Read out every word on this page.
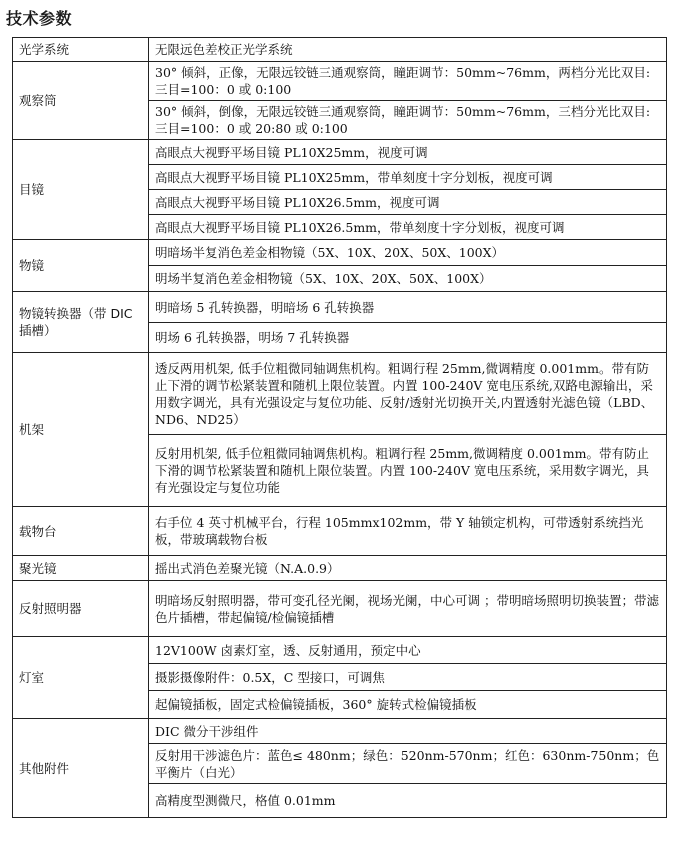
技术参数
光学系统	无限远色差校正光学系统
观察筒	30° 倾斜，正像，无限远铰链三通观察筒，瞳距调节：50mm~76mm，两档分光比双目:三目=100：0 或 0:100
	30° 倾斜，倒像，无限远铰链三通观察筒，瞳距调节：50mm~76mm，三档分光比双目:三目=100：0 或 20:80 或 0:100
目镜	高眼点大视野平场目镜 PL10X25mm，视度可调
	高眼点大视野平场目镜 PL10X25mm，带单刻度十字分划板，视度可调
	高眼点大视野平场目镜 PL10X26.5mm，视度可调
	高眼点大视野平场目镜 PL10X26.5mm，带单刻度十字分划板，视度可调
物镜	明暗场半复消色差金相物镜（5X、10X、20X、50X、100X）
	明场半复消色差金相物镜（5X、10X、20X、50X、100X）
物镜转换器（带 DIC 插槽）	明暗场 5 孔转换器，明暗场 6 孔转换器
	明场 6 孔转换器，明场 7 孔转换器
机架	透反两用机架, 低手位粗微同轴调焦机构。粗调行程 25mm,微调精度 0.001mm。带有防止下滑的调节松紧装置和随机上限位装置。内置 100-240V 宽电压系统,双路电源输出，采用数字调光，具有光强设定与复位功能、反射/透射光切换开关,内置透射光滤色镜（LBD、ND6、ND25）
	反射用机架, 低手位粗微同轴调焦机构。粗调行程 25mm,微调精度 0.001mm。带有防止下滑的调节松紧装置和随机上限位装置。内置 100-240V 宽电压系统，采用数字调光，具有光强设定与复位功能
载物台	右手位 4 英寸机械平台，行程 105mmx102mm，带 Y 轴锁定机构，可带透射系统挡光板，带玻璃载物台板
聚光镜	摇出式消色差聚光镜（N.A.0.9）
反射照明器	明暗场反射照明器，带可变孔径光阑，视场光阑，中心可调 ；带明暗场照明切换装置；带滤色片插槽，带起偏镜/检偏镜插槽
灯室	12V100W 卤素灯室，透、反射通用，预定中心
	摄影摄像附件：0.5X，C 型接口，可调焦
	起偏镜插板，固定式检偏镜插板，360° 旋转式检偏镜插板
其他附件	DIC 微分干涉组件
	反射用干涉滤色片：蓝色≤ 480nm；绿色：520nm-570nm；红色：630nm-750nm；色平衡片（白光）
	高精度型测微尺，格值 0.01mm
